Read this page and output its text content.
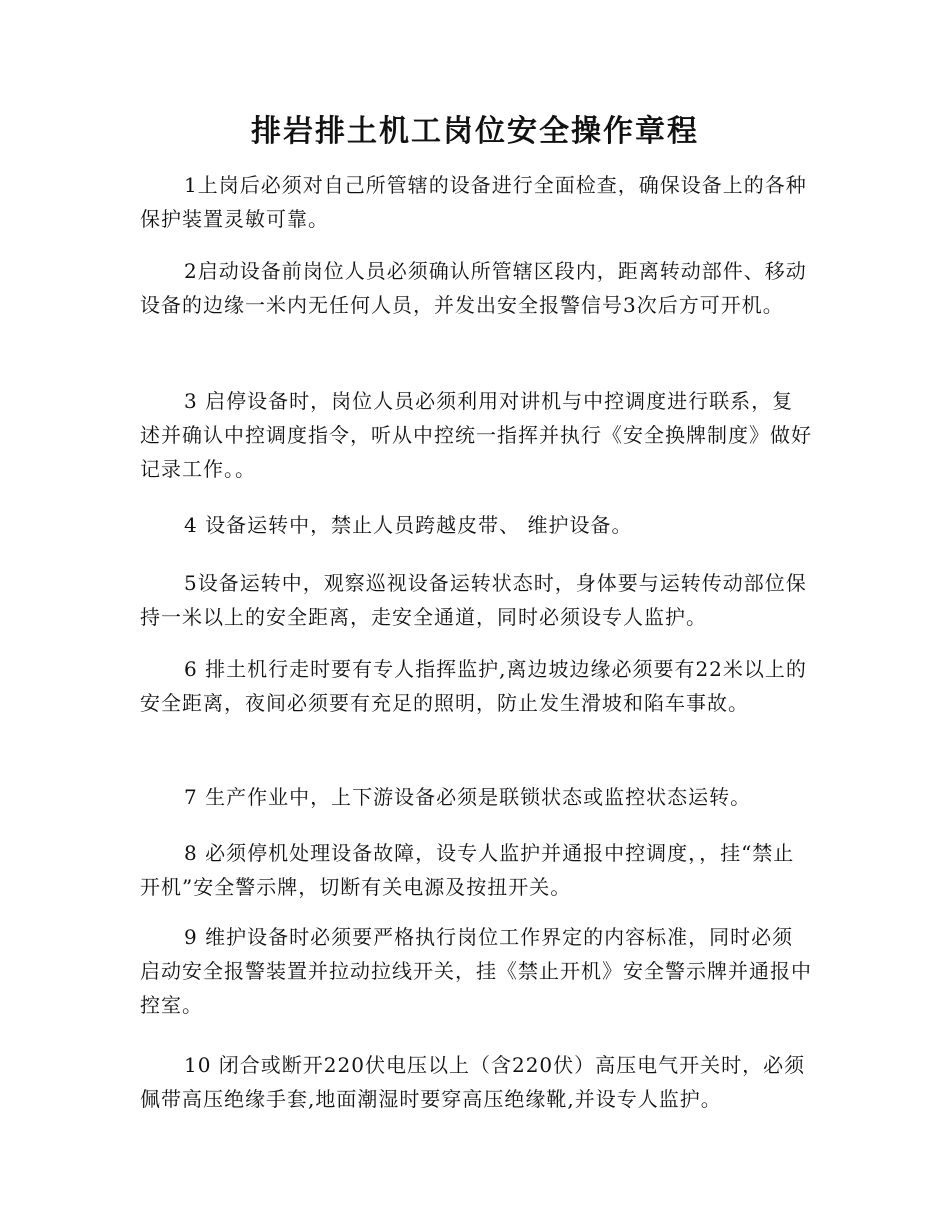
排岩排土机工岗位安全操作章程

1上岗后必须对自己所管辖的设备进行全面检查，确保设备上的各种保护装置灵敏可靠。

2启动设备前岗位人员必须确认所管辖区段内，距离转动部件、移动设备的边缘一米内无任何人员，并发出安全报警信号3次后方可开机。

3 启停设备时，岗位人员必须利用对讲机与中控调度进行联系，复述并确认中控调度指令，听从中控统一指挥并执行《安全换牌制度》做好记录工作。。

4 设备运转中，禁止人员跨越皮带、 维护设备。

5设备运转中，观察巡视设备运转状态时，身体要与运转传动部位保持一米以上的安全距离，走安全通道，同时必须设专人监护。

6 排土机行走时要有专人指挥监护,离边坡边缘必须要有22米以上的安全距离，夜间必须要有充足的照明，防止发生滑坡和陷车事故。

7 生产作业中，上下游设备必须是联锁状态或监控状态运转。

8 必须停机处理设备故障，设专人监护并通报中控调度，，挂“禁止开机”安全警示牌，切断有关电源及按扭开关。

9 维护设备时必须要严格执行岗位工作界定的内容标准，同时必须启动安全报警装置并拉动拉线开关，挂《禁止开机》安全警示牌并通报中控室。

10 闭合或断开220伏电压以上（含220伏）高压电气开关时，必须佩带高压绝缘手套,地面潮湿时要穿高压绝缘靴,并设专人监护。
